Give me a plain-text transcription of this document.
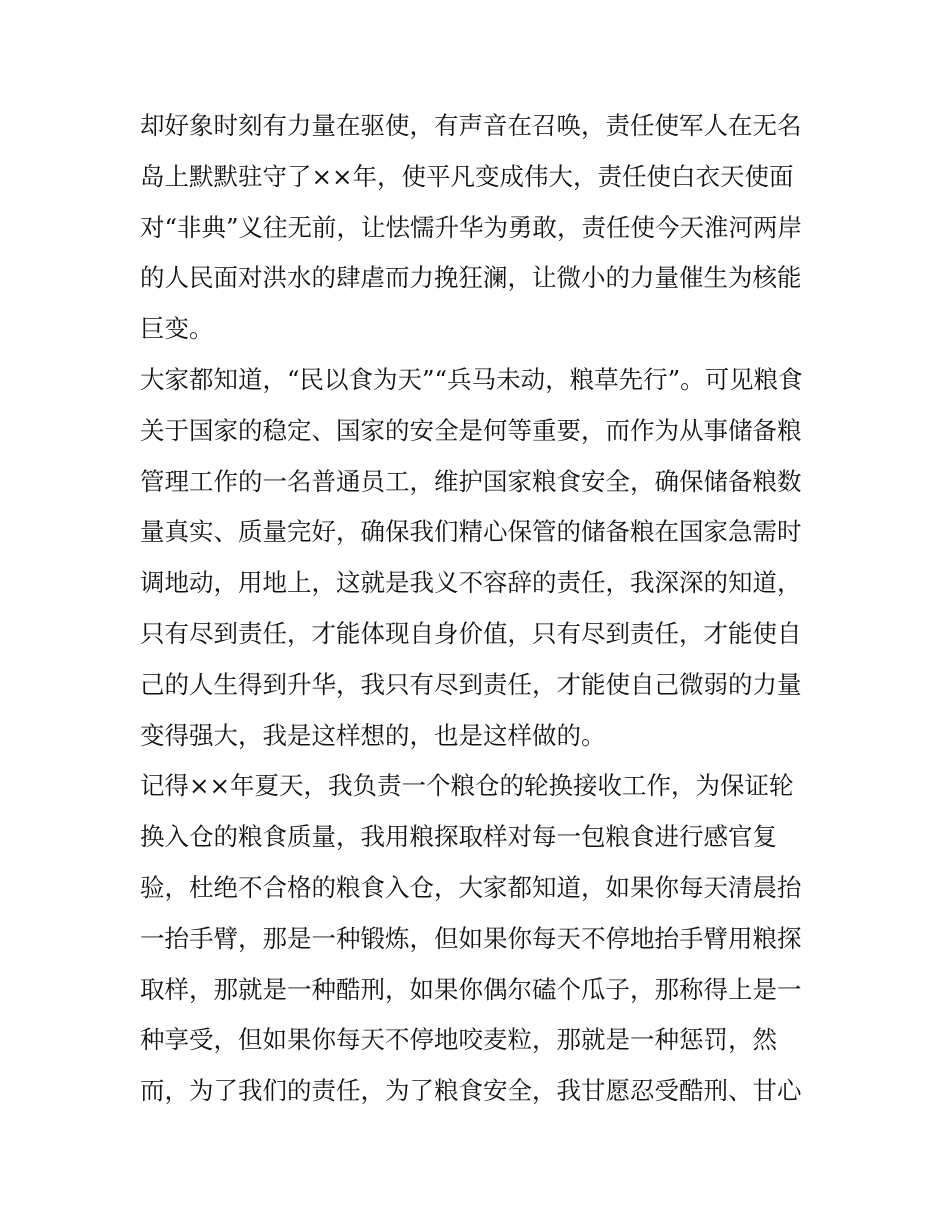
却好象时刻有力量在驱使，有声音在召唤，责任使军人在无名
岛上默默驻守了××年，使平凡变成伟大，责任使白衣天使面
对“非典”义往无前，让怯懦升华为勇敢，责任使今天淮河两岸
的人民面对洪水的肆虐而力挽狂澜，让微小的力量催生为核能
巨变。
大家都知道，“民以食为天”“兵马未动，粮草先行”。可见粮食
关于国家的稳定、国家的安全是何等重要，而作为从事储备粮
管理工作的一名普通员工，维护国家粮食安全，确保储备粮数
量真实、质量完好，确保我们精心保管的储备粮在国家急需时
调地动，用地上，这就是我义不容辞的责任，我深深的知道，
只有尽到责任，才能体现自身价值，只有尽到责任，才能使自
己的人生得到升华，我只有尽到责任，才能使自己微弱的力量
变得强大，我是这样想的，也是这样做的。
记得××年夏天，我负责一个粮仓的轮换接收工作，为保证轮
换入仓的粮食质量，我用粮探取样对每一包粮食进行感官复
验，杜绝不合格的粮食入仓，大家都知道，如果你每天清晨抬
一抬手臂，那是一种锻炼，但如果你每天不停地抬手臂用粮探
取样，那就是一种酷刑，如果你偶尔磕个瓜子，那称得上是一
种享受，但如果你每天不停地咬麦粒，那就是一种惩罚，然
而，为了我们的责任，为了粮食安全，我甘愿忍受酷刑、甘心
